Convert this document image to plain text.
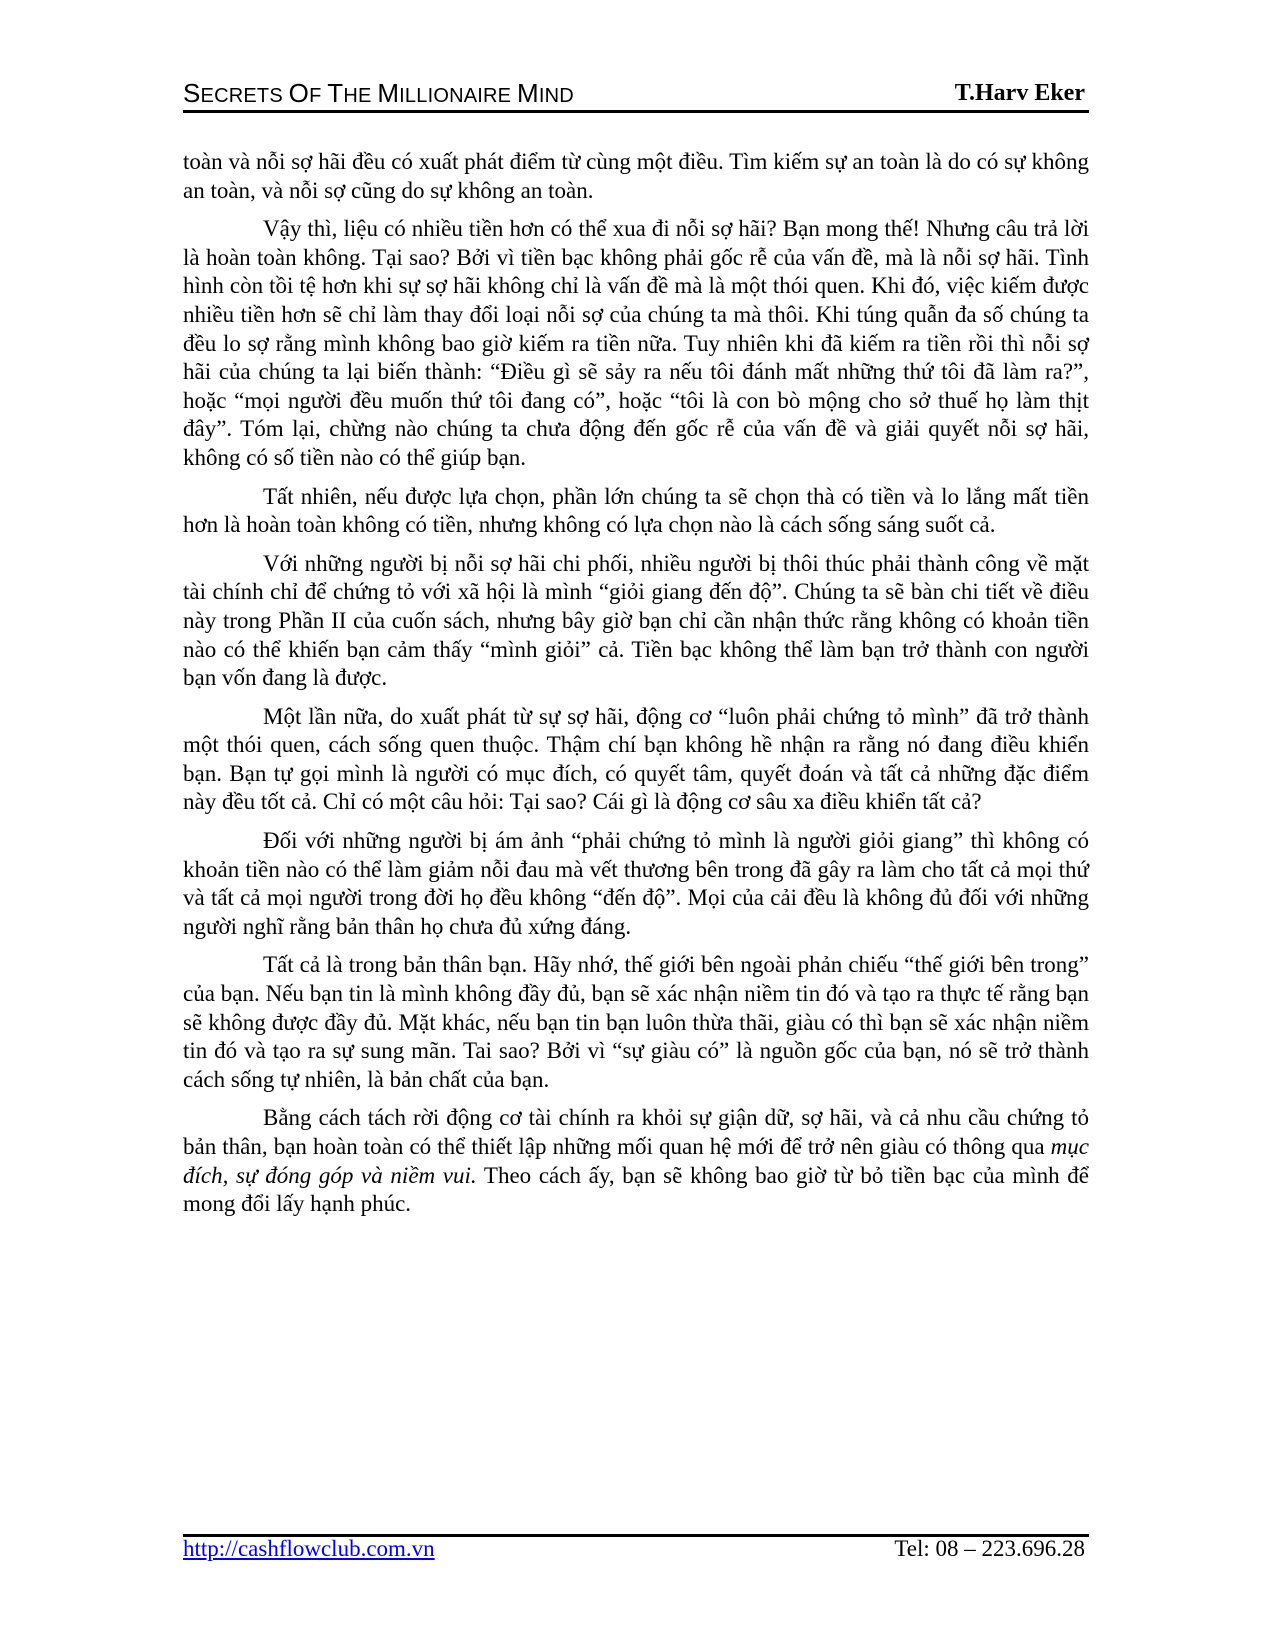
SECRETS OF THE MILLIONAIRE MIND	T.Harv Eker

toàn và nỗi sợ hãi đều có xuất phát điểm từ cùng một điều. Tìm kiếm sự an toàn là do có sự không an toàn, và nỗi sợ cũng do sự không an toàn.

Vậy thì, liệu có nhiều tiền hơn có thể xua đi nỗi sợ hãi? Bạn mong thế! Nhưng câu trả lời là hoàn toàn không. Tại sao? Bởi vì tiền bạc không phải gốc rễ của vấn đề, mà là nỗi sợ hãi. Tình hình còn tồi tệ hơn khi sự sợ hãi không chỉ là vấn đề mà là một thói quen. Khi đó, việc kiếm được nhiều tiền hơn sẽ chỉ làm thay đổi loại nỗi sợ của chúng ta mà thôi. Khi túng quẫn đa số chúng ta đều lo sợ rằng mình không bao giờ kiếm ra tiền nữa. Tuy nhiên khi đã kiếm ra tiền rồi thì nỗi sợ hãi của chúng ta lại biến thành: “Điều gì sẽ sảy ra nếu tôi đánh mất những thứ tôi đã làm ra?”, hoặc “mọi người đều muốn thứ tôi đang có”, hoặc “tôi là con bò mộng cho sở thuế họ làm thịt đây”. Tóm lại, chừng nào chúng ta chưa động đến gốc rễ của vấn đề và giải quyết nỗi sợ hãi, không có số tiền nào có thể giúp bạn.

Tất nhiên, nếu được lựa chọn, phần lớn chúng ta sẽ chọn thà có tiền và lo lắng mất tiền hơn là hoàn toàn không có tiền, nhưng không có lựa chọn nào là cách sống sáng suốt cả.

Với những người bị nỗi sợ hãi chi phối, nhiều người bị thôi thúc phải thành công về mặt tài chính chỉ để chứng tỏ với xã hội là mình “giỏi giang đến độ”. Chúng ta sẽ bàn chi tiết về điều này trong Phần II của cuốn sách, nhưng bây giờ bạn chỉ cần nhận thức rằng không có khoản tiền nào có thể khiến bạn cảm thấy “mình giỏi” cả. Tiền bạc không thể làm bạn trở thành con người bạn vốn đang là được.

Một lần nữa, do xuất phát từ sự sợ hãi, động cơ “luôn phải chứng tỏ mình” đã trở thành một thói quen, cách sống quen thuộc. Thậm chí bạn không hề nhận ra rằng nó đang điều khiển bạn. Bạn tự gọi mình là người có mục đích, có quyết tâm, quyết đoán và tất cả những đặc điểm này đều tốt cả. Chỉ có một câu hỏi: Tại sao? Cái gì là động cơ sâu xa điều khiển tất cả?

Đối với những người bị ám ảnh “phải chứng tỏ mình là người giỏi giang” thì không có khoản tiền nào có thể làm giảm nỗi đau mà vết thương bên trong đã gây ra làm cho tất cả mọi thứ và tất cả mọi người trong đời họ đều không “đến độ”. Mọi của cải đều là không đủ đối với những người nghĩ rằng bản thân họ chưa đủ xứng đáng.

Tất cả là trong bản thân bạn. Hãy nhớ, thế giới bên ngoài phản chiếu “thế giới bên trong” của bạn. Nếu bạn tin là mình không đầy đủ, bạn sẽ xác nhận niềm tin đó và tạo ra thực tế rằng bạn sẽ không được đầy đủ. Mặt khác, nếu bạn tin bạn luôn thừa thãi, giàu có thì bạn sẽ xác nhận niềm tin đó và tạo ra sự sung mãn. Tai sao? Bởi vì “sự giàu có” là nguồn gốc của bạn, nó sẽ trở thành cách sống tự nhiên, là bản chất của bạn.

Bằng cách tách rời động cơ tài chính ra khỏi sự giận dữ, sợ hãi, và cả nhu cầu chứng tỏ bản thân, bạn hoàn toàn có thể thiết lập những mối quan hệ mới để trở nên giàu có thông qua mục đích, sự đóng góp và niềm vui. Theo cách ấy, bạn sẽ không bao giờ từ bỏ tiền bạc của mình để mong đổi lấy hạnh phúc.

http://cashflowclub.com.vn	Tel: 08 – 223.696.28
